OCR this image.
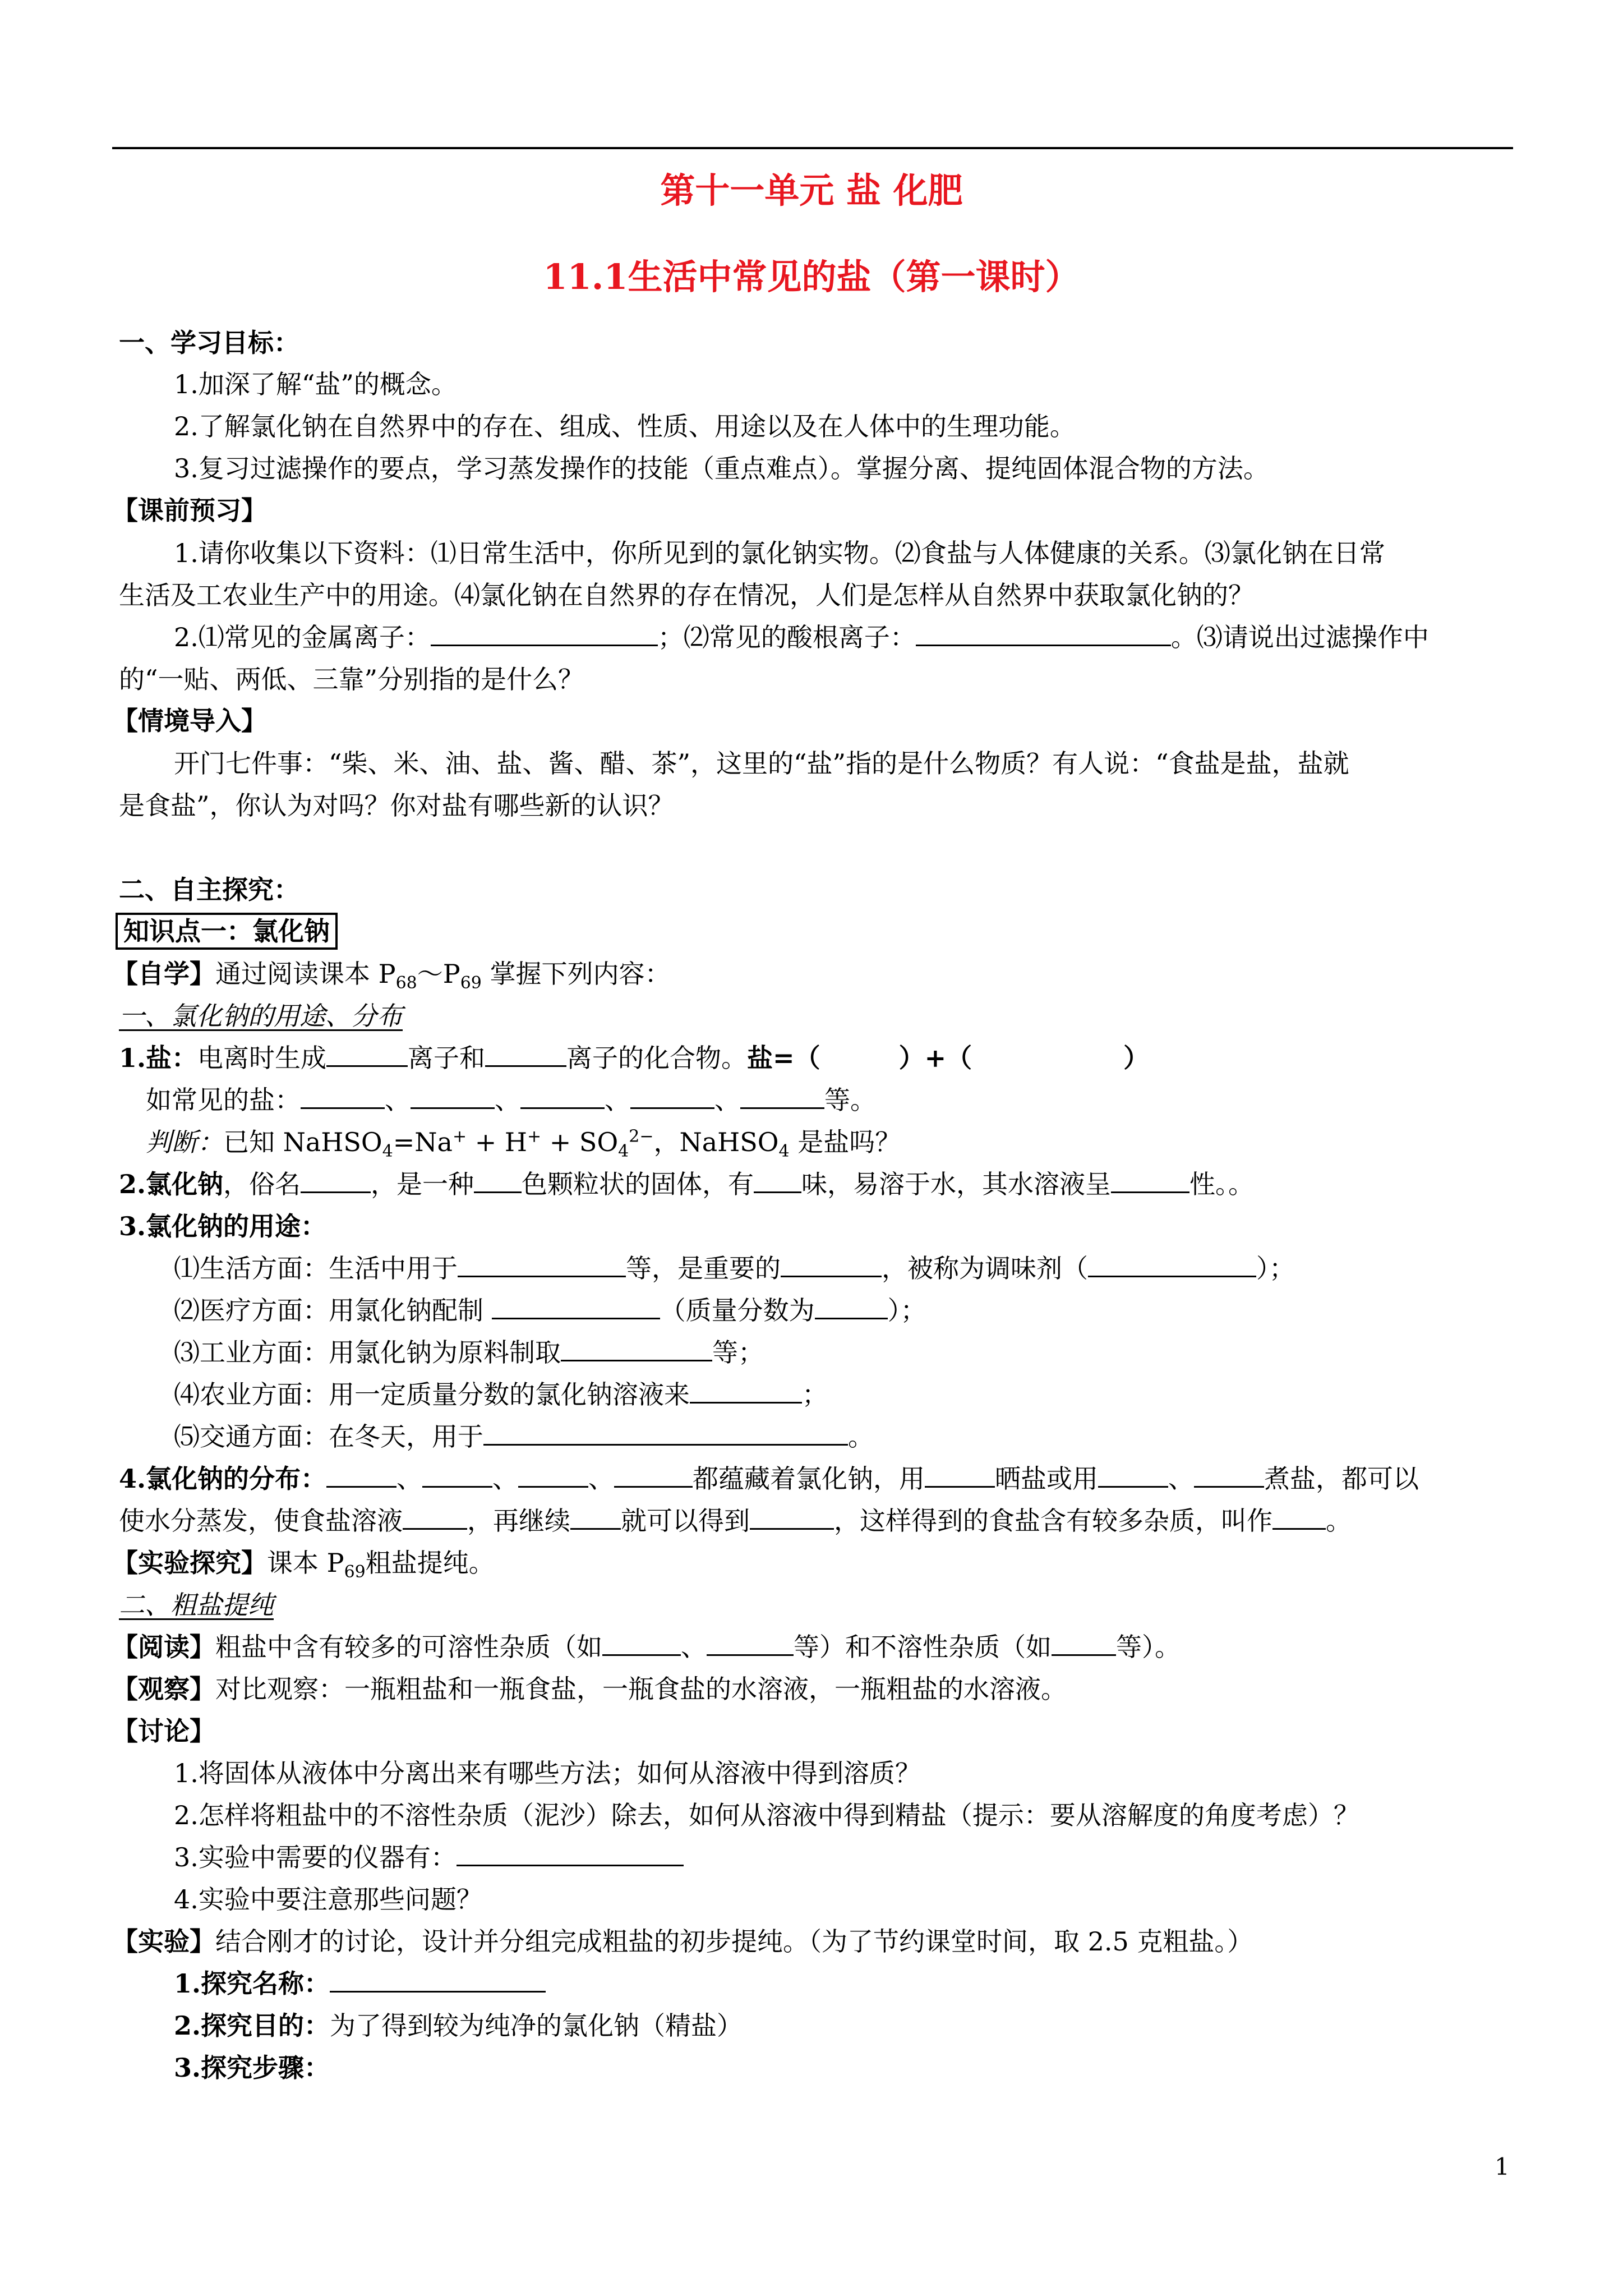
第十一单元 盐 化肥
11.1生活中常见的盐（第一课时）
一、学习目标：
1.加深了解“盐”的概念。
2.了解氯化钠在自然界中的存在、组成、性质、用途以及在人体中的生理功能。
3.复习过滤操作的要点，学习蒸发操作的技能（重点难点）。掌握分离、提纯固体混合物的方法。
【课前预习】
1.请你收集以下资料：⑴日常生活中，你所见到的氯化钠实物。⑵食盐与人体健康的关系。⑶氯化钠在日常
生活及工农业生产中的用途。⑷氯化钠在自然界的存在情况，人们是怎样从自然界中获取氯化钠的？
2.⑴常见的金属离子：	；⑵常见的酸根离子：	。⑶请说出过滤操作中
的“一贴、两低、三靠”分别指的是什么？
【情境导入】
开门七件事：“柴、米、油、盐、酱、醋、茶”，这里的“盐”指的是什么物质？有人说：“食盐是盐，盐就
是食盐”，你认为对吗？你对盐有哪些新的认识？
二、自主探究：
知识点一：氯化钠
【自学】通过阅读课本 $P_{68}\sim P_{69}$ 掌握下列内容：
一、氯化钠的用途、分布
1.盐：电离时生成	离子和	离子的化合物。盐=（	）+（	）
如常见的盐：	、	、	、	、	等。
判断：已知 NaHSO$_4$=Na+ + $H^+ + SO_4^{2-}$，NaHSO$_4$ 是盐吗？
2.氯化钠，俗名	，是一种 色颗粒状的固体，有 味，易溶于水，其水溶液呈	性。。
3.氯化钠的用途：
⑴生活方面：生活中用于	等，是重要的	，被称为调味剂（	）；
⑵医疗方面：用氯化钠配制	（质量分数为	）；
⑶工业方面：用氯化钠为原料制取	等；
⑷农业方面：用一定质量分数的氯化钠溶液来	；
⑸交通方面：在冬天，用于	。
4.氯化钠的分布：	、	、	、	都蕴藏着氯化钠，用	晒盐或用	、	煮盐，都可以
使水分蒸发，使食盐溶液	，再继续 就可以得到	，这样得到的食盐含有较多杂质，叫作 。
【实验探究】课本 $P_{69}$粗盐提纯。
二、粗盐提纯
【阅读】粗盐中含有较多的可溶性杂质（如	、	等）和不溶性杂质（如	等）。
【观察】对比观察：一瓶粗盐和一瓶食盐，一瓶食盐的水溶液，一瓶粗盐的水溶液。
【讨论】
1.将固体从液体中分离出来有哪些方法；如何从溶液中得到溶质？
2.怎样将粗盐中的不溶性杂质（泥沙）除去，如何从溶液中得到精盐（提示：要从溶解度的角度考虑）？
3.实验中需要的仪器有：
4.实验中要注意那些问题？
【实验】结合刚才的讨论，设计并分组完成粗盐的初步提纯。（为了节约课堂时间，取 2.5 克粗盐。）
1.探究名称：
2.探究目的：为了得到较为纯净的氯化钠（精盐）
3.探究步骤：
1
